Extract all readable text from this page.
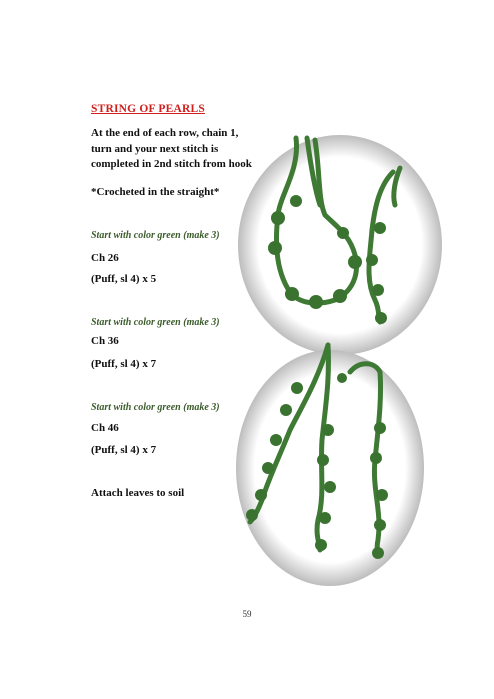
STRING OF PEARLS
At the end of each row, chain 1, turn and your next stitch is completed in 2nd stitch from hook
*Crocheted in the straight*
Start with color green (make 3)
Ch 26
(Puff, sl 4) x 5
Start with color green (make 3)
Ch 36
(Puff, sl 4) x 7
Start with color green (make 3)
Ch 46
(Puff, sl 4) x 7
Attach leaves to soil
59
